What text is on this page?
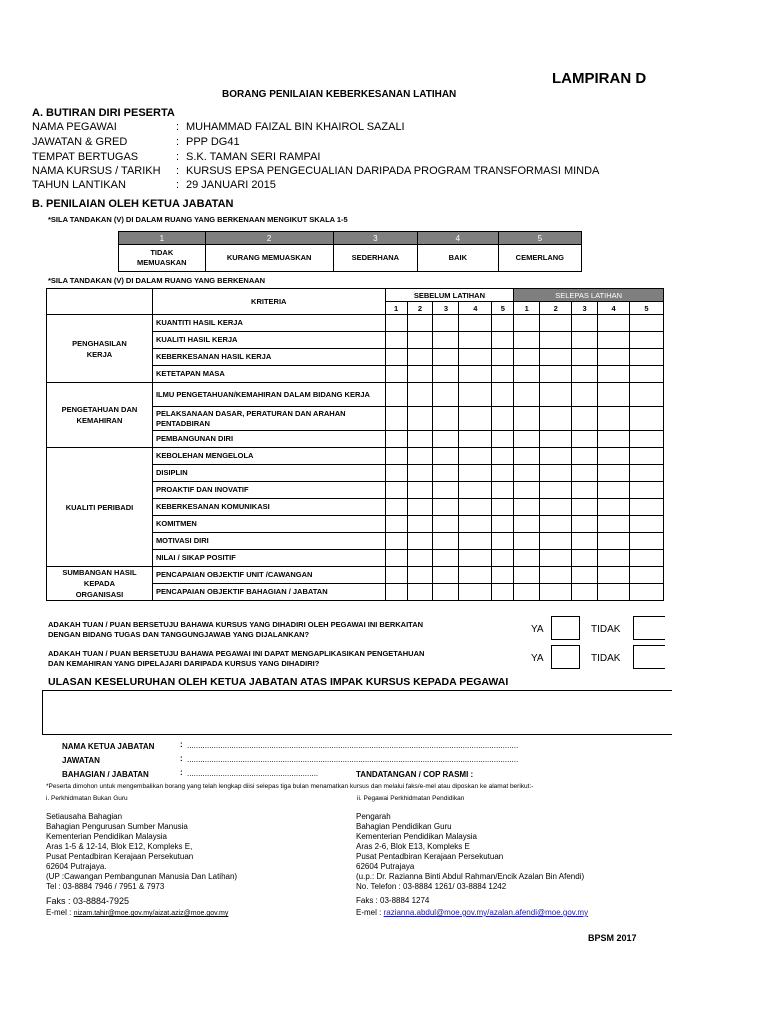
LAMPIRAN D
BORANG PENILAIAN KEBERKESANAN LATIHAN
A. BUTIRAN DIRI PESERTA
NAMA PEGAWAI	: MUHAMMAD FAIZAL BIN KHAIROL SAZALI
JAWATAN & GRED	: PPP DG41
TEMPAT BERTUGAS	: S.K. TAMAN SERI RAMPAI
NAMA KURSUS / TARIKH	: KURSUS EPSA PENGECUALIAN DARIPADA PROGRAM TRANSFORMASI MINDA
TAHUN LANTIKAN	: 29 JANUARI 2015
B. PENILAIAN OLEH KETUA JABATAN
*SILA TANDAKAN (V) DI DALAM RUANG YANG BERKENAAN MENGIKUT SKALA 1-5
1	2	3	4	5
TIDAK MEMUASKAN	KURANG MEMUASKAN	SEDERHANA	BAIK	CEMERLANG
*SILA TANDAKAN (V) DI DALAM RUANG YANG BERKENAAN
	KRITERIA	SEBELUM LATIHAN					SELEPAS LATIHAN				
		1	2	3	4	5	1	2	3	4	5
PENGHASILAN KERJA	KUANTITI HASIL KERJA										
	KUALITI HASIL KERJA										
	KEBERKESANAN HASIL KERJA										
	KETETAPAN MASA										
PENGETAHUAN DAN KEMAHIRAN	ILMU PENGETAHUAN/KEMAHIRAN DALAM BIDANG KERJA										
	PELAKSANAAN DASAR, PERATURAN DAN ARAHAN PENTADBIRAN										
	PEMBANGUNAN DIRI										
KUALITI PERIBADI	KEBOLEHAN MENGELOLA										
	DISIPLIN										
	PROAKTIF DAN INOVATIF										
	KEBERKESANAN KOMUNIKASI										
	KOMITMEN										
	MOTIVASI DIRI										
	NILAI / SIKAP POSITIF										
SUMBANGAN HASIL KEPADA ORGANISASI	PENCAPAIAN OBJEKTIF UNIT /CAWANGAN										
	PENCAPAIAN OBJEKTIF BAHAGIAN / JABATAN										
ADAKAH TUAN / PUAN BERSETUJU BAHAWA KURSUS YANG DIHADIRI OLEH PEGAWAI INI BERKAITAN
DENGAN BIDANG TUGAS DAN TANGGUNGJAWAB YANG DIJALANKAN?	YA	TIDAK
ADAKAH TUAN / PUAN BERSETUJU BAHAWA PEGAWAI INI DAPAT MENGAPLIKASIKAN PENGETAHUAN
DAN KEMAHIRAN YANG DIPELAJARI DARIPADA KURSUS YANG DIHADIRI?	YA	TIDAK
ULASAN KESELURUHAN OLEH KETUA JABATAN ATAS IMPAK KURSUS KEPADA PEGAWAI
NAMA KETUA JABATAN	: .....................................................................................................................................................
JAWATAN	: .....................................................................................................................................................
BAHAGIAN / JABATAN	: ...........................................................	TANDATANGAN / COP RASMI :
*Peserta dimohon untuk mengembalikan borang yang telah lengkap diisi selepas tiga bulan menamatkan kursus dan melalui faks/e-mel atau diposkan ke alamat berikut:-
i. Perkhidmatan Bukan Guru	ii. Pegawai Perkhidmatan Pendidikan
Setiausaha Bahagian
Bahagian Pengurusan Sumber Manusia
Kementerian Pendidikan Malaysia
Aras 1-5 & 12-14, Blok E12, Kompleks E,
Pusat Pentadbiran Kerajaan Persekutuan
62604 Putrajaya.
(UP :Cawangan Pembangunan Manusia Dan Latihan)
Tel : 03-8884 7946 / 7951 & 7973
Pengarah
Bahagian Pendidikan Guru
Kementerian Pendidikan Malaysia
Aras 2-6, Blok E13, Kompleks E
Pusat Pentadbiran Kerajaan Persekutuan
62604 Putrajaya
(u.p.: Dr. Razianna Binti Abdul Rahman/Encik Azalan Bin Afendi)
No. Telefon : 03-8884 1261/ 03-8884 1242
Faks : 03-8884-7925	Faks : 03-8884 1274
E-mel : nizam.tahir@moe.gov.my/aizat.aziz@moe.gov.my	E-mel : razianna.abdul@moe.gov.my/azalan.afendi@moe.gov.my
BPSM 2017
